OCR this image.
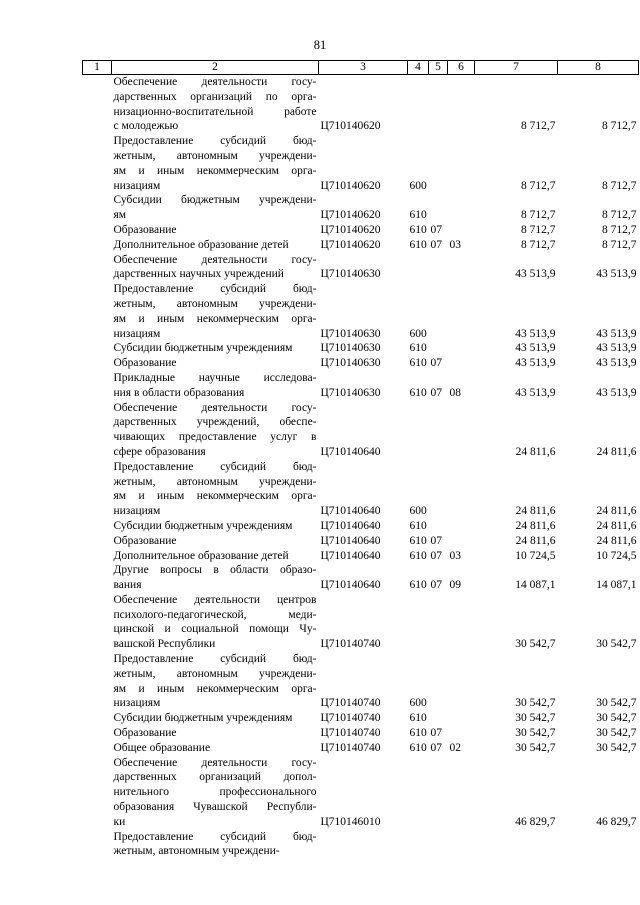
81
1	2	3	4	5	6	7	8

	Обеспечение деятельности госу-
дарственных организаций по орга-
низационно-воспитательной работе
с молодежью	Ц710140620				8 712,7	8 712,7

	Предоставление субсидий бюд-
жетным, автономным учреждени-
ям и иным некоммерческим орга-
низациям	Ц710140620	600			8 712,7	8 712,7

	Субсидии бюджетным учреждени-
ям	Ц710140620	610			8 712,7	8 712,7

	Образование	Ц710140620	610	07		8 712,7	8 712,7

	Дополнительное образование детей	Ц710140620	610	07	03	8 712,7	8 712,7

	Обеспечение деятельности госу-
дарственных научных учреждений	Ц710140630				43 513,9	43 513,9

	Предоставление субсидий бюд-
жетным, автономным учреждени-
ям и иным некоммерческим орга-
низациям	Ц710140630	600			43 513,9	43 513,9

	Субсидии бюджетным учреждениям	Ц710140630	610			43 513,9	43 513,9

	Образование	Ц710140630	610	07		43 513,9	43 513,9

	Прикладные научные исследова-
ния в области образования	Ц710140630	610	07	08	43 513,9	43 513,9

	Обеспечение деятельности госу-
дарственных учреждений, обеспе-
чивающих предоставление услуг в
сфере образования	Ц710140640				24 811,6	24 811,6

	Предоставление субсидий бюд-
жетным, автономным учреждени-
ям и иным некоммерческим орга-
низациям	Ц710140640	600			24 811,6	24 811,6

	Субсидии бюджетным учреждениям	Ц710140640	610			24 811,6	24 811,6

	Образование	Ц710140640	610	07		24 811,6	24 811,6

	Дополнительное образование детей	Ц710140640	610	07	03	10 724,5	10 724,5

	Другие вопросы в области образо-
вания	Ц710140640	610	07	09	14 087,1	14 087,1

	Обеспечение деятельности центров
психолого-педагогической, меди-
цинской и социальной помощи Чу-
вашской Республики	Ц710140740				30 542,7	30 542,7

	Предоставление субсидий бюд-
жетным, автономным учреждени-
ям и иным некоммерческим орга-
низациям	Ц710140740	600			30 542,7	30 542,7

	Субсидии бюджетным учреждениям	Ц710140740	610			30 542,7	30 542,7

	Образование	Ц710140740	610	07		30 542,7	30 542,7

	Общее образование	Ц710140740	610	07	02	30 542,7	30 542,7

	Обеспечение деятельности госу-
дарственных организаций допол-
нительного профессионального
образования Чувашской Республи-
ки	Ц710146010				46 829,7	46 829,7

	Предоставление субсидий бюд-
жетным, автономным учреждени-						
